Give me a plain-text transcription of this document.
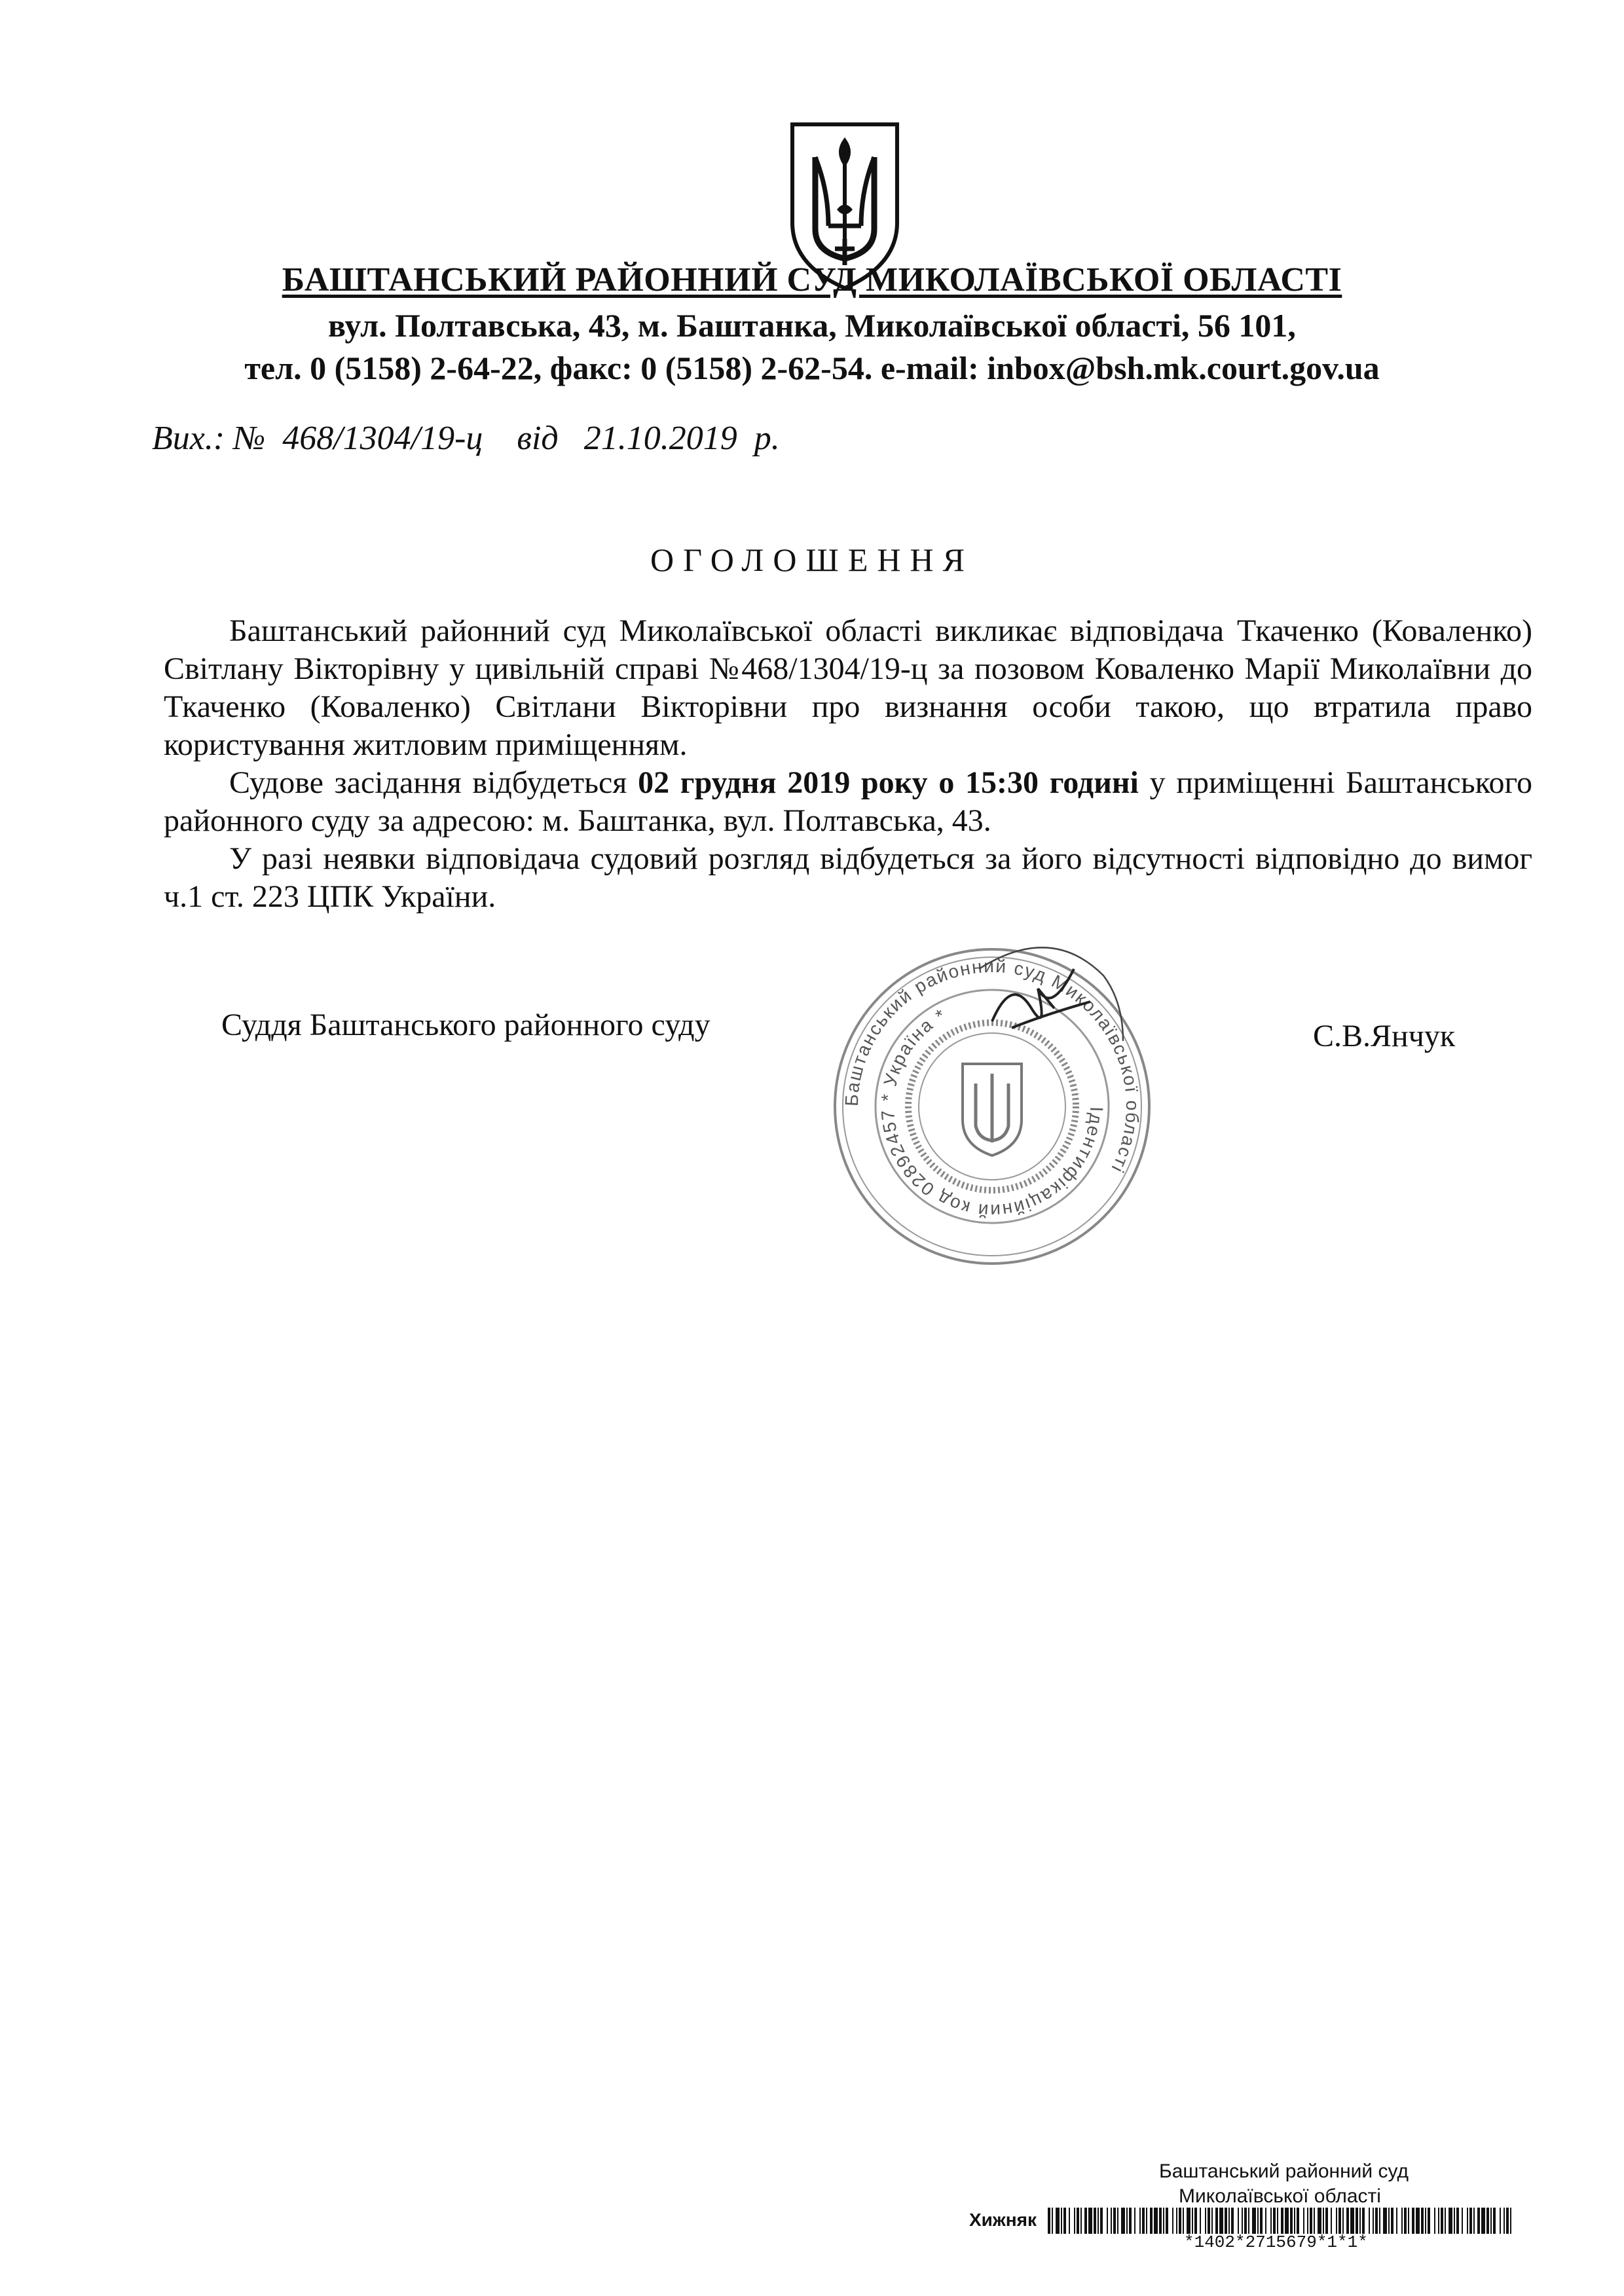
БАШТАНСЬКИЙ РАЙОННИЙ СУД МИКОЛАЇВСЬКОЇ ОБЛАСТІ
вул. Полтавська, 43, м. Баштанка, Миколаївської області, 56 101,
тел. 0 (5158) 2-64-22, факс: 0 (5158) 2-62-54. e-mail: inbox@bsh.mk.court.gov.ua
Вих.: №  468/1304/19-ц    від   21.10.2019  р.
ОГОЛОШЕННЯ

Баштанський районний суд Миколаївської області викликає відповідача Ткаченко (Коваленко) Світлану Вікторівну у цивільній справі №468/1304/19-ц за позовом Коваленко Марії Миколаївни до Ткаченко (Коваленко) Світлани Вікторівни про визнання особи такою, що втратила право користування житловим приміщенням.

Судове засідання відбудеться 02 грудня 2019 року о 15:30 годині у приміщенні Баштанського районного суду за адресою: м. Баштанка, вул. Полтавська, 43.

У разі неявки відповідача судовий розгляд відбудеться за його відсутності відповідно до вимог ч.1 ст. 223 ЦПК України.

Баштанський районний суд Миколаївської області
Ідентифікаційний код 02892457 * Україна *
Суддя Баштанського районного суду	С.В.Янчук
Баштанський районний суд
Миколаївської області
Хижняк
*1402*2715679*1*1*
